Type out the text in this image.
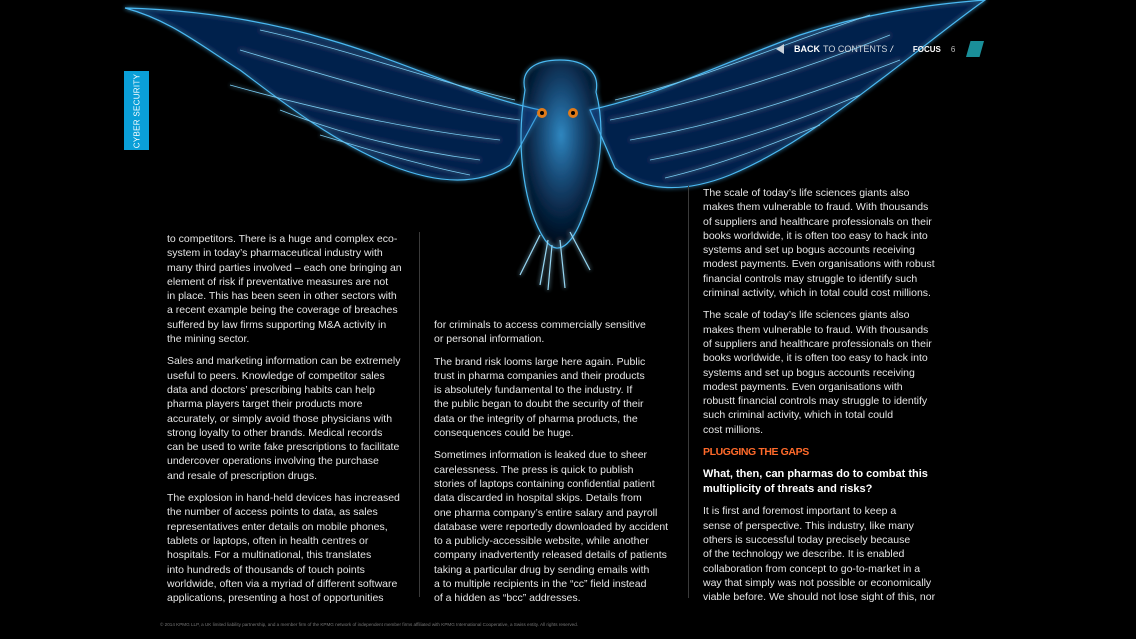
CYBER SECURITY
BACK TO CONTENTS /	FOCUS 6

to competitors. There is a huge and complex eco-
system in today’s pharmaceutical industry with
many third parties involved – each one bringing an
element of risk if preventative measures are not
in place. This has been seen in other sectors with
a recent example being the coverage of breaches
suffered by law firms supporting M&A activity in
the mining sector.

Sales and marketing information can be extremely
useful to peers. Knowledge of competitor sales
data and doctors’ prescribing habits can help
pharma players target their products more
accurately, or simply avoid those physicians with
strong loyalty to other brands. Medical records
can be used to write fake prescriptions to facilitate
undercover operations involving the purchase
and resale of prescription drugs.

The explosion in hand-held devices has increased
the number of access points to data, as sales
representatives enter details on mobile phones,
tablets or laptops, often in health centres or
hospitals. For a multinational, this translates
into hundreds of thousands of touch points
worldwide, often via a myriad of different software
applications, presenting a host of opportunities

for criminals to access commercially sensitive
or personal information.

The brand risk looms large here again. Public
trust in pharma companies and their products
is absolutely fundamental to the industry. If
the public began to doubt the security of their
data or the integrity of pharma products, the
consequences could be huge.

Sometimes information is leaked due to sheer
carelessness. The press is quick to publish
stories of laptops containing confidential patient
data discarded in hospital skips. Details from
one pharma company’s entire salary and payroll
database were reportedly downloaded by accident
to a publicly-accessible website, while another
company inadvertently released details of patients
taking a particular drug by sending emails with
a to multiple recipients in the “cc” field instead
of a hidden as “bcc” addresses.

The scale of today’s life sciences giants also
makes them vulnerable to fraud. With thousands
of suppliers and healthcare professionals on their
books worldwide, it is often too easy to hack into
systems and set up bogus accounts receiving
modest payments. Even organisations with robust
financial controls may struggle to identify such
criminal activity, which in total could cost millions.

The scale of today’s life sciences giants also
makes them vulnerable to fraud. With thousands
of suppliers and healthcare professionals on their
books worldwide, it is often too easy to hack into
systems and set up bogus accounts receiving
modest payments. Even organisations with
robustt financial controls may struggle to identify
such criminal activity, which in total could
cost millions.

PLUGGING THE GAPS
What, then, can pharmas do to combat this
multiplicity of threats and risks?

It is first and foremost important to keep a
sense of perspective. This industry, like many
others is successful today precisely because
of the technology we describe. It is enabled
collaboration from concept to go-to-market in a
way that simply was not possible or economically
viable before. We should not lose sight of this, nor

© 2014 KPMG LLP, a UK limited liability partnership, and a member firm of the KPMG network of independent member firms affiliated with KPMG International Cooperative, a Swiss entity. All rights reserved.
